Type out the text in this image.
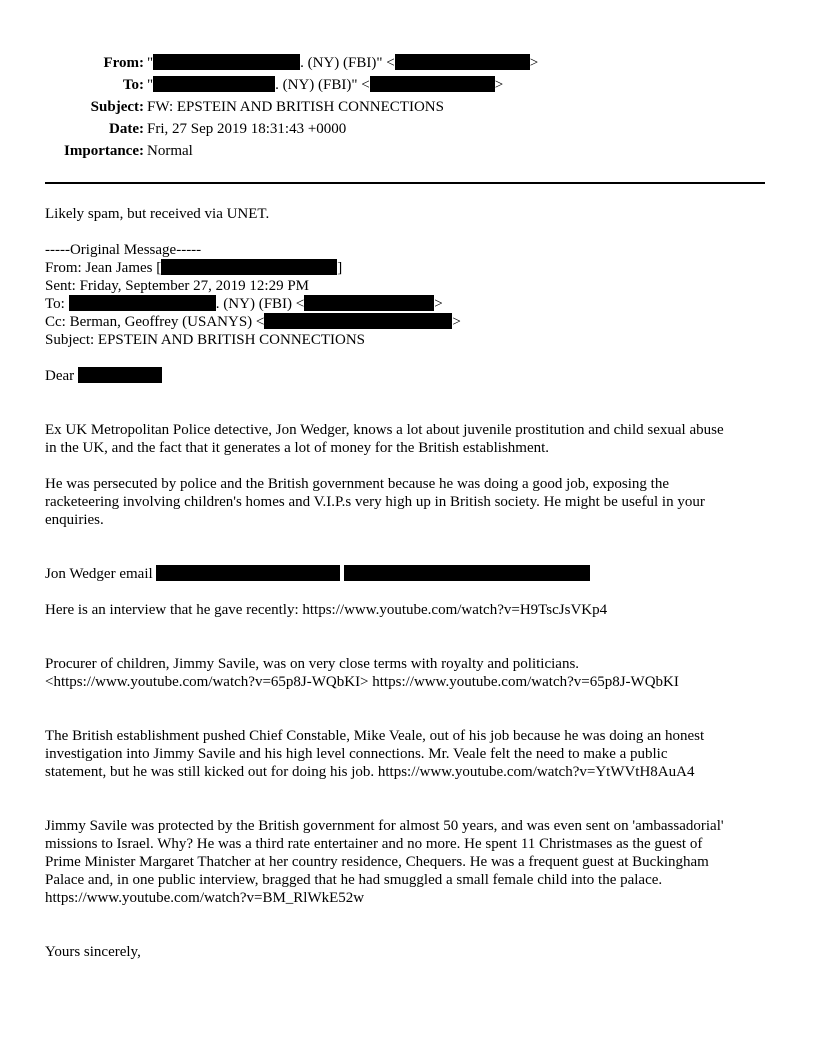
From: "	. (NY) (FBI)" <	>
To: "	. (NY) (FBI)" <	>
Subject: FW: EPSTEIN AND BRITISH CONNECTIONS
Date: Fri, 27 Sep 2019 18:31:43 +0000
Importance: Normal

Likely spam, but received via UNET.

-----Original Message-----
From: Jean James [	]
Sent: Friday, September 27, 2019 12:29 PM
To:	. (NY) (FBI) <	>
Cc: Berman, Geoffrey (USANYS) <	>
Subject: EPSTEIN AND BRITISH CONNECTIONS

Dear

Ex UK Metropolitan Police detective, Jon Wedger, knows a lot about juvenile prostitution and child sexual abuse
in the UK, and the fact that it generates a lot of money for the British establishment.
He was persecuted by police and the British government because he was doing a good job, exposing the
racketeering involving children's homes and V.I.P.s very high up in British society. He might be useful in your
enquiries.

Jon Wedger email

Here is an interview that he gave recently: https://www.youtube.com/watch?v=H9TscJsVKp4

Procurer of children, Jimmy Savile, was on very close terms with royalty and politicians.
<https://www.youtube.com/watch?v=65p8J-WQbKI> https://www.youtube.com/watch?v=65p8J-WQbKI
The British establishment pushed Chief Constable, Mike Veale, out of his job because he was doing an honest
investigation into Jimmy Savile and his high level connections. Mr. Veale felt the need to make a public
statement, but he was still kicked out for doing his job. https://www.youtube.com/watch?v=YtWVtH8AuA4
Jimmy Savile was protected by the British government for almost 50 years, and was even sent on 'ambassadorial'
missions to Israel. Why? He was a third rate entertainer and no more. He spent 11 Christmases as the guest of
Prime Minister Margaret Thatcher at her country residence, Chequers. He was a frequent guest at Buckingham
Palace and, in one public interview, bragged that he had smuggled a small female child into the palace.
https://www.youtube.com/watch?v=BM_RlWkE52w

Yours sincerely,
